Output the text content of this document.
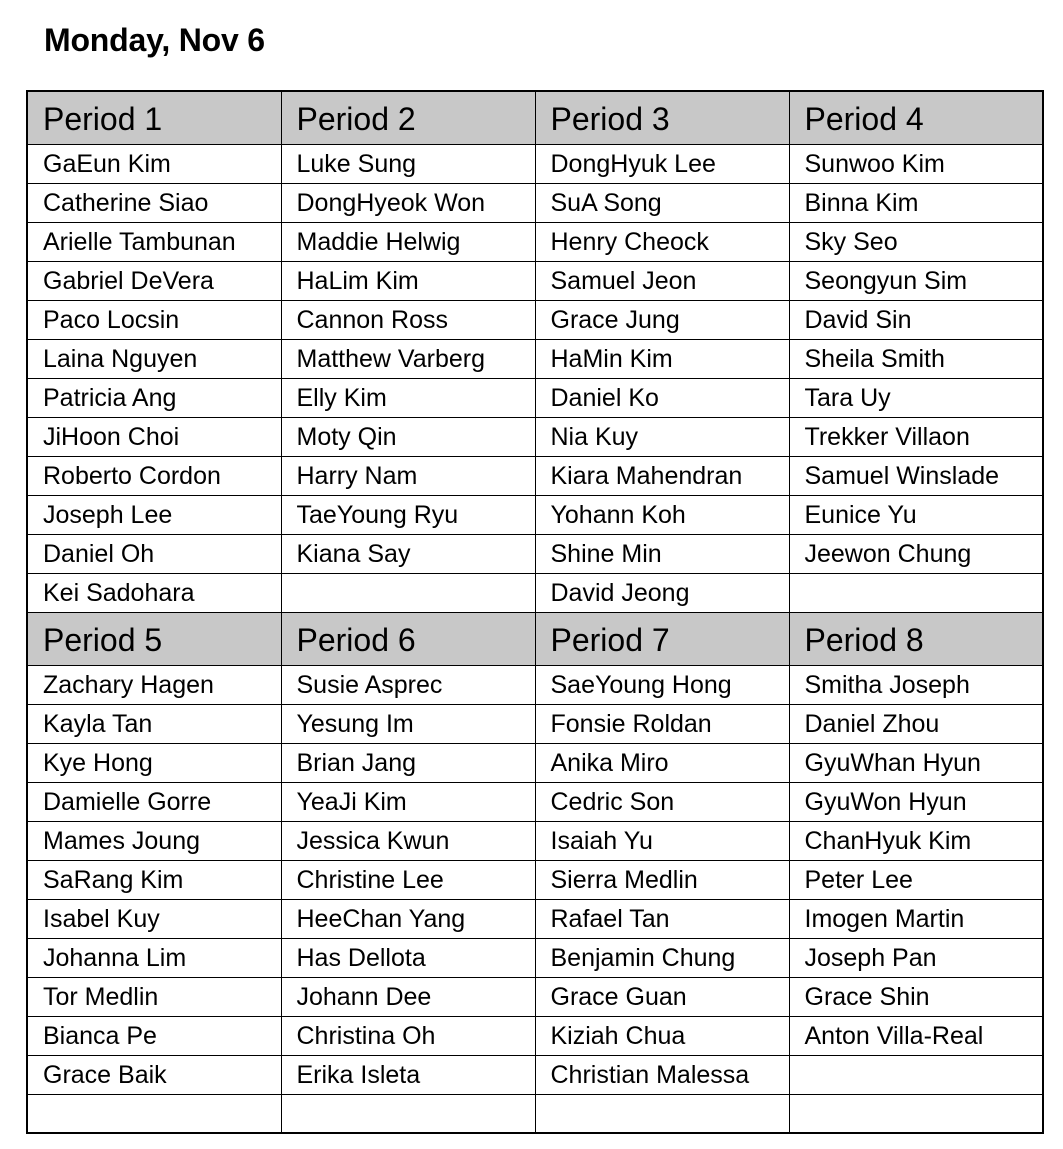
Monday, Nov 6
Period 1	Period 2	Period 3	Period 4
GaEun Kim	Luke Sung	DongHyuk Lee	Sunwoo Kim
Catherine Siao	DongHyeok Won	SuA Song	Binna Kim
Arielle Tambunan	Maddie Helwig	Henry Cheock	Sky Seo
Gabriel DeVera	HaLim Kim	Samuel Jeon	Seongyun Sim
Paco Locsin	Cannon Ross	Grace Jung	David Sin
Laina Nguyen	Matthew Varberg	HaMin Kim	Sheila Smith
Patricia Ang	Elly Kim	Daniel Ko	Tara Uy
JiHoon Choi	Moty Qin	Nia Kuy	Trekker Villaon
Roberto Cordon	Harry Nam	Kiara Mahendran	Samuel Winslade
Joseph Lee	TaeYoung Ryu	Yohann Koh	Eunice Yu
Daniel Oh	Kiana Say	Shine Min	Jeewon Chung
Kei Sadohara		David Jeong	
Period 5	Period 6	Period 7	Period 8
Zachary Hagen	Susie Asprec	SaeYoung Hong	Smitha Joseph
Kayla Tan	Yesung Im	Fonsie Roldan	Daniel Zhou
Kye Hong	Brian Jang	Anika Miro	GyuWhan Hyun
Damielle Gorre	YeaJi Kim	Cedric Son	GyuWon Hyun
Mames Joung	Jessica Kwun	Isaiah Yu	ChanHyuk Kim
SaRang Kim	Christine Lee	Sierra Medlin	Peter Lee
Isabel Kuy	HeeChan Yang	Rafael Tan	Imogen Martin
Johanna Lim	Has Dellota	Benjamin Chung	Joseph Pan
Tor Medlin	Johann Dee	Grace Guan	Grace Shin
Bianca Pe	Christina Oh	Kiziah Chua	Anton Villa-Real
Grace Baik	Erika Isleta	Christian Malessa	
